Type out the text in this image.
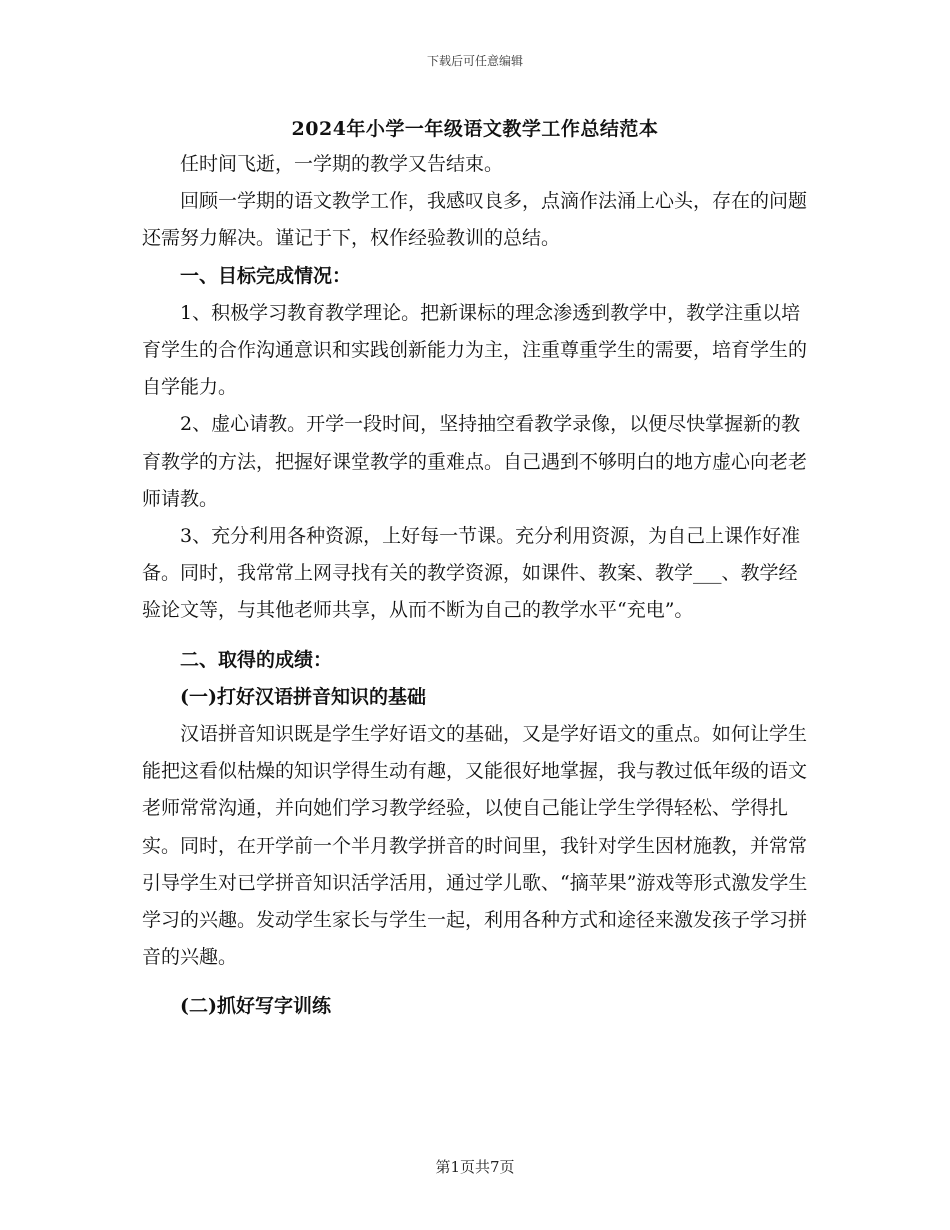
下载后可任意编辑
2024年小学一年级语文教学工作总结范本

任时间飞逝，一学期的教学又告结束。

回顾一学期的语文教学工作，我感叹良多，点滴作法涌上心头，存在的问题还需努力解决。谨记于下，权作经验教训的总结。

一、目标完成情况：

1、积极学习教育教学理论。把新课标的理念渗透到教学中，教学注重以培育学生的合作沟通意识和实践创新能力为主，注重尊重学生的需要，培育学生的自学能力。

2、虚心请教。开学一段时间，坚持抽空看教学录像，以便尽快掌握新的教育教学的方法，把握好课堂教学的重难点。自己遇到不够明白的地方虚心向老老师请教。

3、充分利用各种资源，上好每一节课。充分利用资源，为自己上课作好准备。同时，我常常上网寻找有关的教学资源，如课件、教案、教学___、教学经验论文等，与其他老师共享，从而不断为自己的教学水平“充电”。

二、取得的成绩：

(一)打好汉语拼音知识的基础

汉语拼音知识既是学生学好语文的基础，又是学好语文的重点。如何让学生能把这看似枯燥的知识学得生动有趣，又能很好地掌握，我与教过低年级的语文老师常常沟通，并向她们学习教学经验，以使自己能让学生学得轻松、学得扎实。同时，在开学前一个半月教学拼音的时间里，我针对学生因材施教，并常常引导学生对已学拼音知识活学活用，通过学儿歌、“摘苹果”游戏等形式激发学生学习的兴趣。发动学生家长与学生一起，利用各种方式和途径来激发孩子学习拼音的兴趣。

(二)抓好写字训练

第1页共7页
